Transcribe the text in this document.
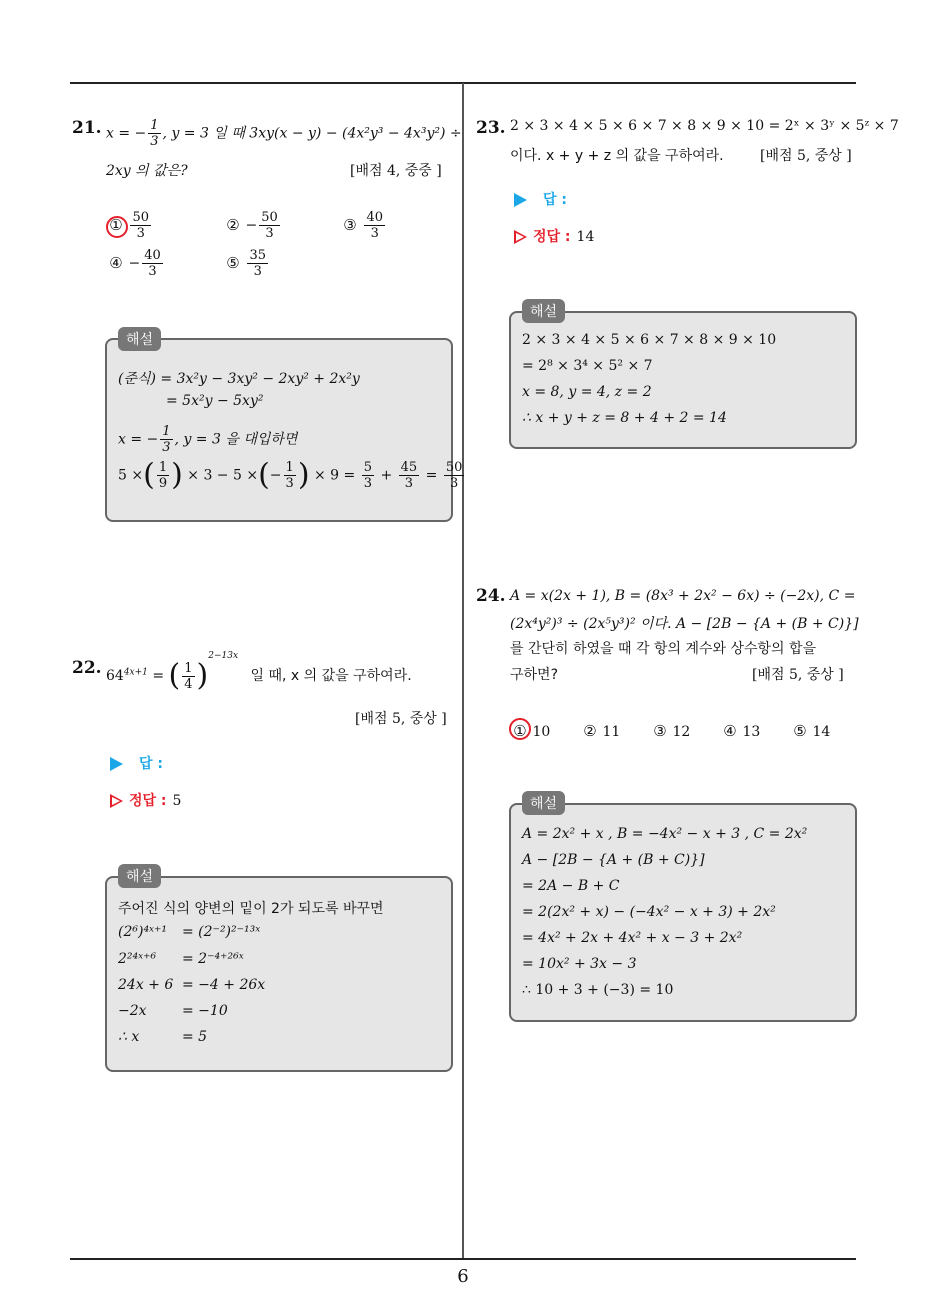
6
21. x = − $\frac{1}{3}$ , y = 3 일 때 3xy(x − y) − (4x²y³ − 4x³y²) ÷
2xy 의 값은?	[배점 4, 중중 ]
① $\frac{50}{3}$	② − $\frac{50}{3}$	③ $\frac{40}{3}$
④ − $\frac{40}{3}$	⑤ $\frac{35}{3}$
해설
(준식) = 3x²y − 3xy² − 2xy² + 2x²y
= 5x²y − 5xy²
x = − $\frac{1}{3}$ , y = 3 을 대입하면
5 ×( $\frac{1}{9}$ ) × 3 − 5 ×(− $\frac{1}{3}$ ) × $9 = \frac{5}{3} + \frac{45}{3} = \frac{50}{3}$
22. $64^{4x+1}$ = ( $\frac{1}{4} )^{2-13x}$ 일 때, x 의 값을 구하여라.
[배점 5, 중상 ]
답 :
정답 : 5
해설
주어진 식의 양변의 밑이 2가 되도록 바꾸면
(2⁶)⁴ˣ⁺¹ = (2⁻²)²⁻¹³ˣ
2²⁴ˣ⁺⁶ = 2⁻⁴⁺²⁶ˣ
24x + 6 = −4 + 26x
−2x	= −10
∴ x	= 5
23. 2 × 3 × 4 × 5 × 6 × 7 × 8 × 9 × 10 = 2ˣ × 3ʸ × 5ᶻ × 7
이다. x + y + z 의 값을 구하여라.	[배점 5, 중상 ]
답 :
정답 : 14
해설
2 × 3 × 4 × 5 × 6 × 7 × 8 × 9 × 10
= 2⁸ × 3⁴ × 5² × 7
x = 8, y = 4, z = 2
∴ x + y + z = 8 + 4 + 2 = 14
24. A = x(2x + 1), B = (8x³ + 2x² − 6x) ÷ (−2x), C =
(2x⁴y²)³ ÷ (2x⁵y³)² 이다. A − [2B − {A + (B + C)}]
를 간단히 하였을 때 각 항의 계수와 상수항의 합을
구하면?	[배점 5, 중상 ]
① 10 ② 11 ③ 12 ④ 13 ⑤ 14
해설
A = 2x² + x , B = −4x² − x + 3 , C = 2x²
A − [2B − {A + (B + C)}]
= 2A − B + C
= 2(2x² + x) − (−4x² − x + 3) + 2x²
= 4x² + 2x + 4x² + x − 3 + 2x²
= 10x² + 3x − 3
∴ 10 + 3 + (−3) = 10
